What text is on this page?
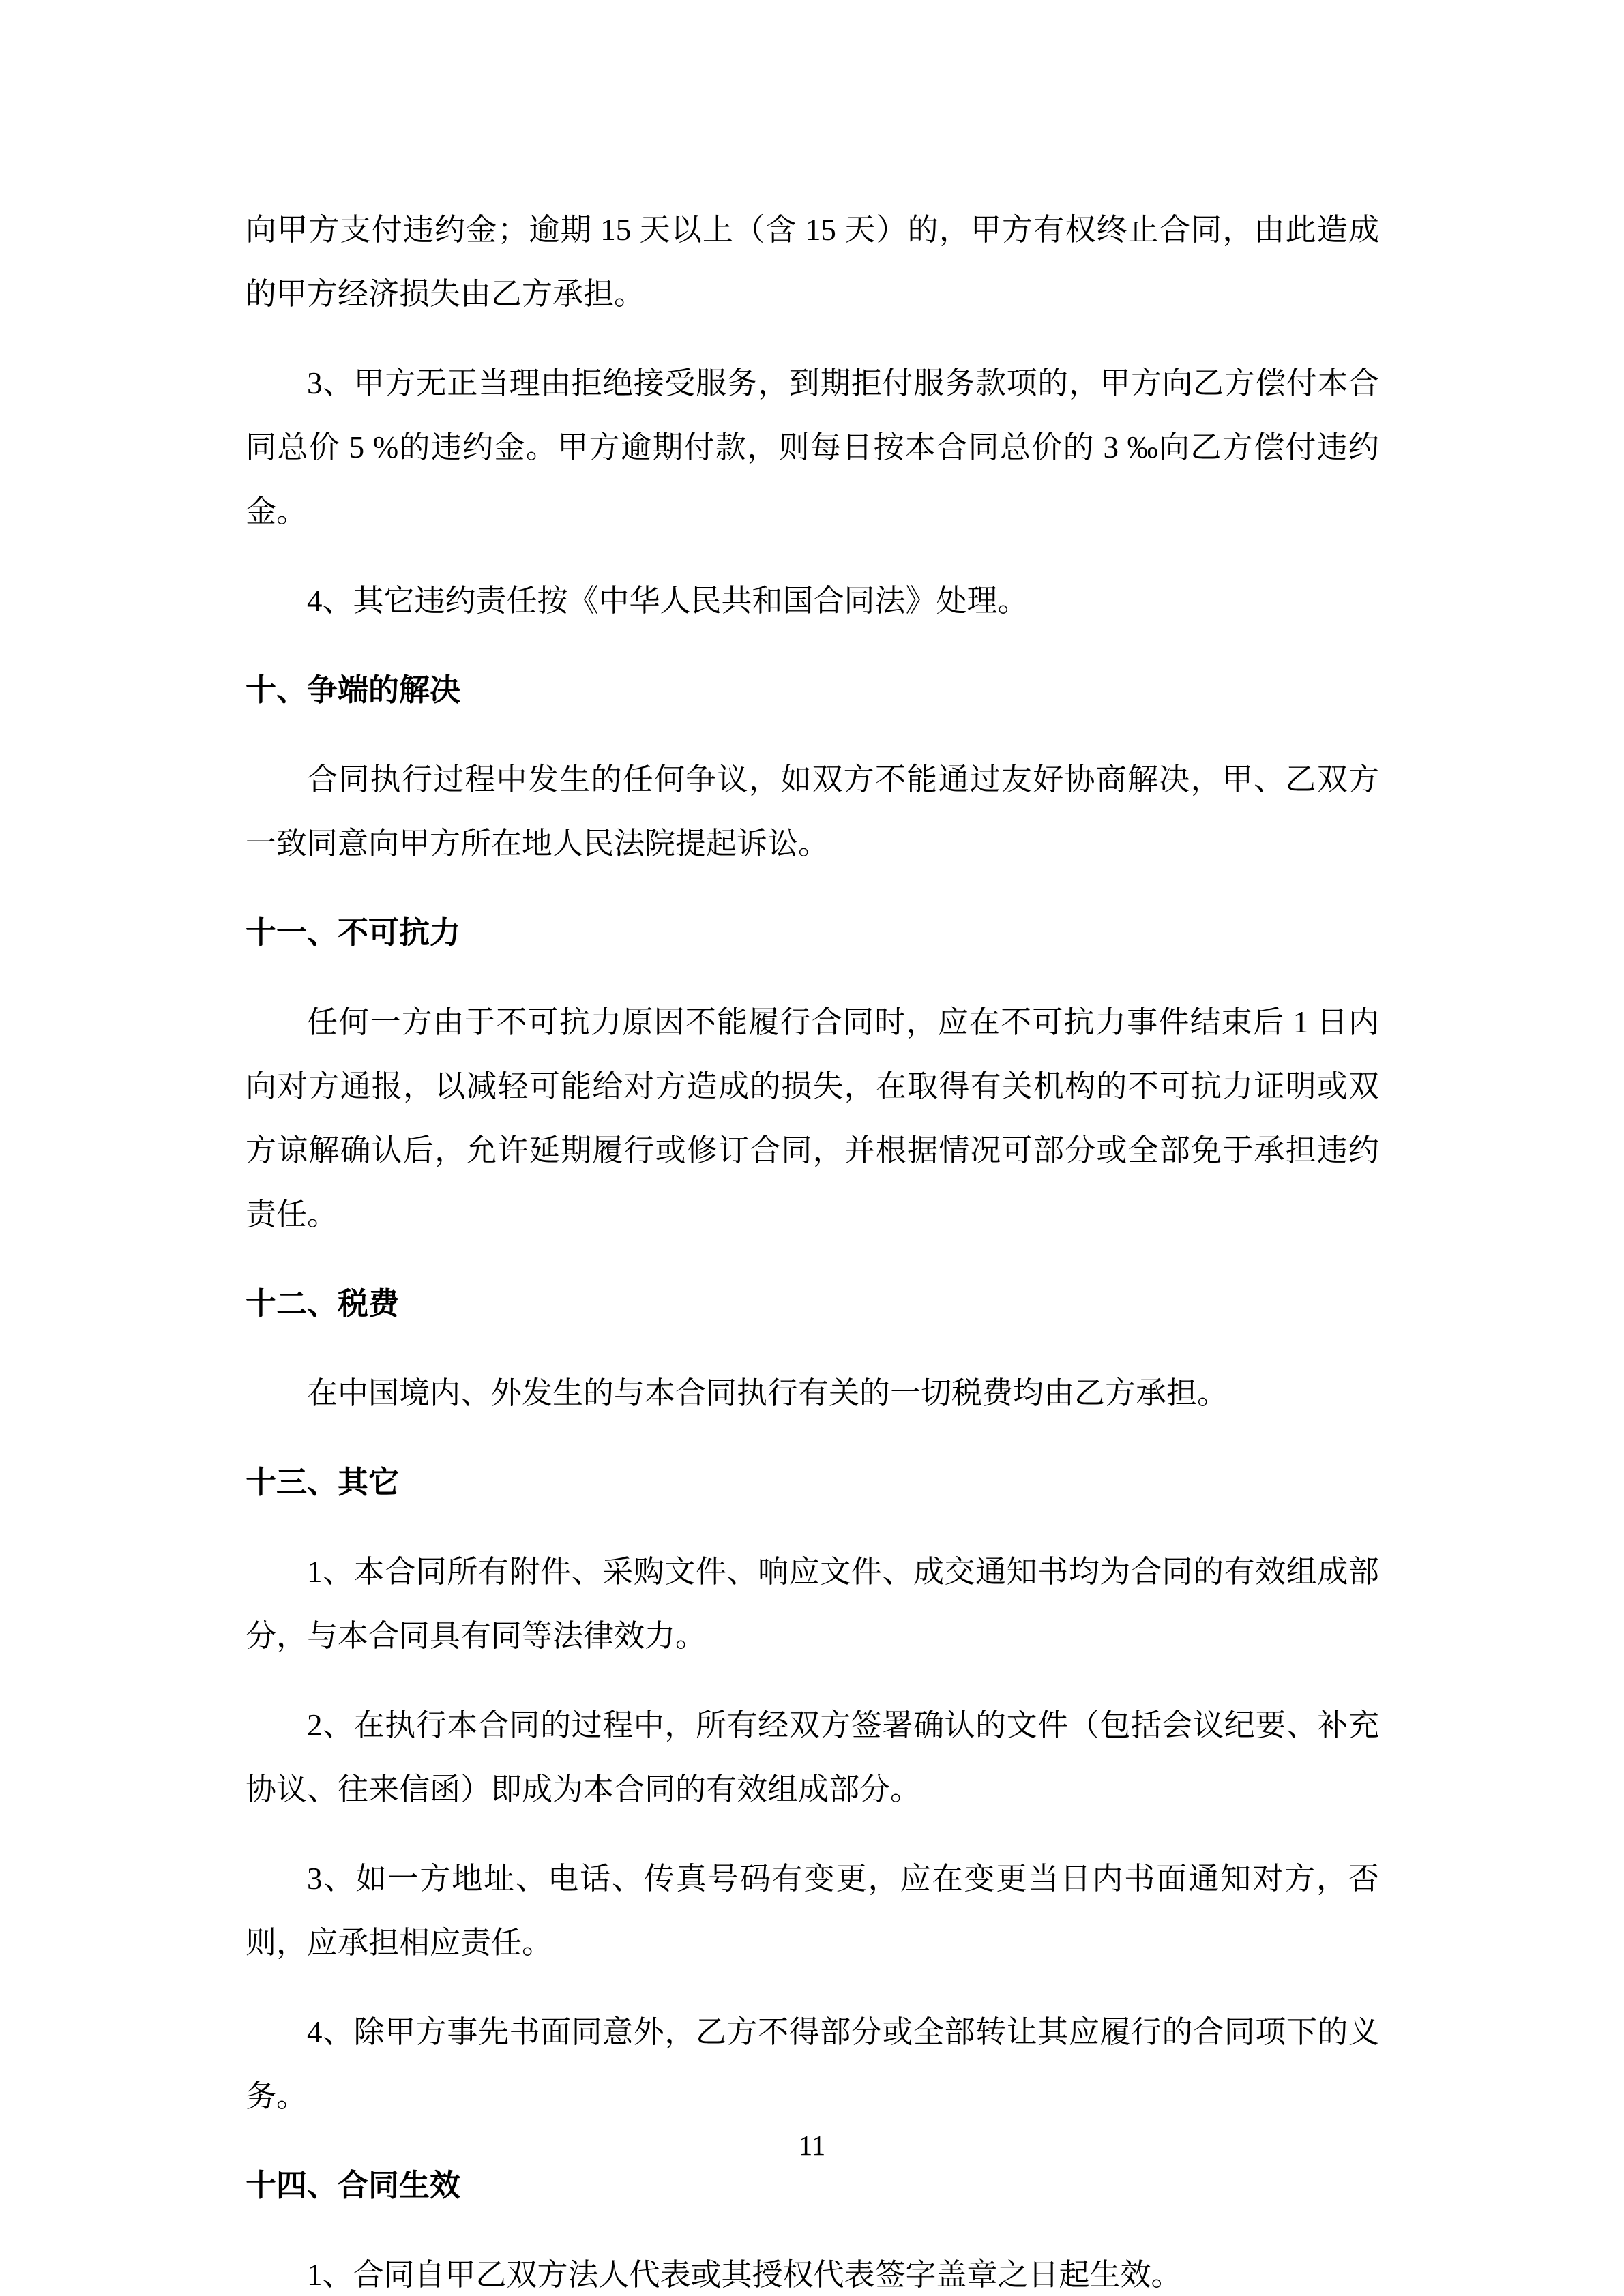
向甲方支付违约金；逾期 15 天以上（含 15 天）的，甲方有权终止合同，由此造成的甲方经济损失由乙方承担。

3、甲方无正当理由拒绝接受服务，到期拒付服务款项的，甲方向乙方偿付本合同总价 5 %的违约金。甲方逾期付款，则每日按本合同总价的 3 ‰向乙方偿付违约金。

4、其它违约责任按《中华人民共和国合同法》处理。

十、争端的解决

合同执行过程中发生的任何争议，如双方不能通过友好协商解决，甲、乙双方一致同意向甲方所在地人民法院提起诉讼。

十一、不可抗力

任何一方由于不可抗力原因不能履行合同时，应在不可抗力事件结束后 1 日内向对方通报，以减轻可能给对方造成的损失，在取得有关机构的不可抗力证明或双方谅解确认后，允许延期履行或修订合同，并根据情况可部分或全部免于承担违约责任。

十二、税费

在中国境内、外发生的与本合同执行有关的一切税费均由乙方承担。

十三、其它

1、本合同所有附件、采购文件、响应文件、成交通知书均为合同的有效组成部分，与本合同具有同等法律效力。

2、在执行本合同的过程中，所有经双方签署确认的文件（包括会议纪要、补充协议、往来信函）即成为本合同的有效组成部分。

3、如一方地址、电话、传真号码有变更，应在变更当日内书面通知对方，否则，应承担相应责任。

4、除甲方事先书面同意外，乙方不得部分或全部转让其应履行的合同项下的义务。

十四、合同生效

1、合同自甲乙双方法人代表或其授权代表签字盖章之日起生效。

11
